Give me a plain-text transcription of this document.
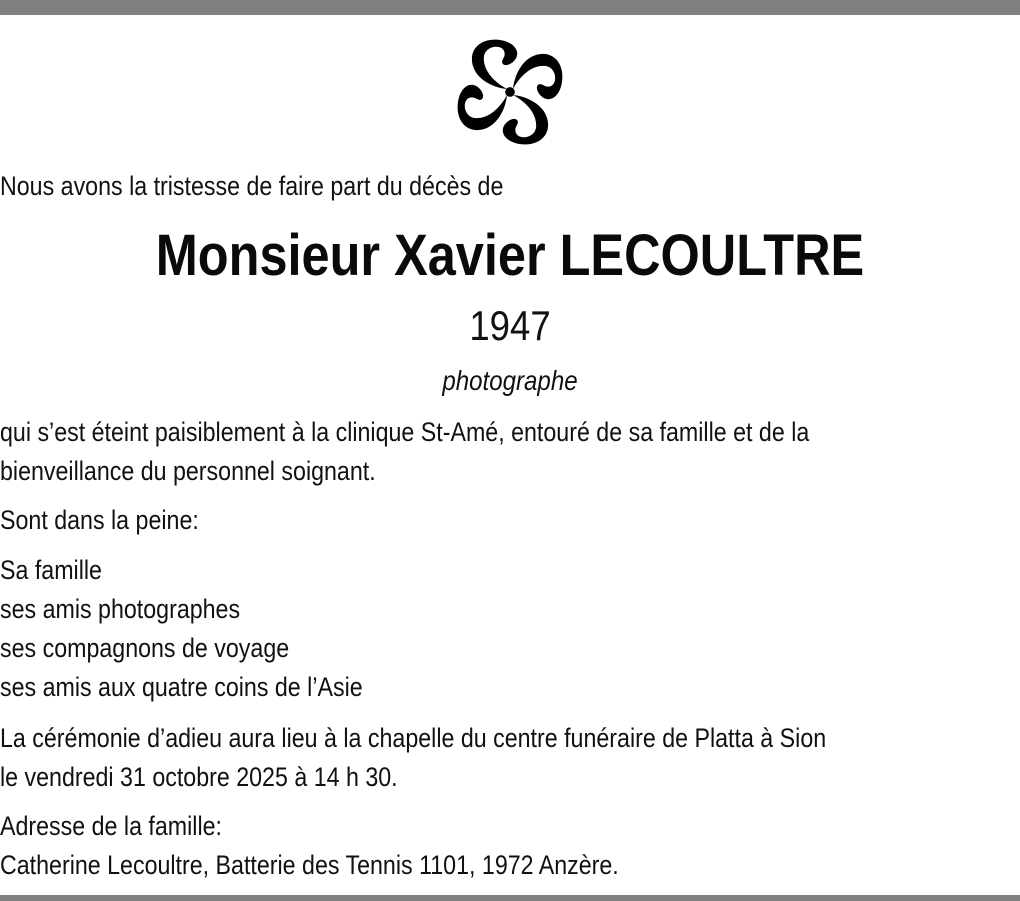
Nous avons la tristesse de faire part du décès de

Monsieur Xavier LECOULTRE

1947

photographe

qui s’est éteint paisiblement à la clinique St-Amé, entouré de sa famille et de la

bienveillance du personnel soignant.

Sont dans la peine:

Sa famille

ses amis photographes

ses compagnons de voyage

ses amis aux quatre coins de l’Asie

La cérémonie d’adieu aura lieu à la chapelle du centre funéraire de Platta à Sion

le vendredi 31 octobre 2025 à 14 h 30.

Adresse de la famille:

Catherine Lecoultre, Batterie des Tennis 1101, 1972 Anzère.
